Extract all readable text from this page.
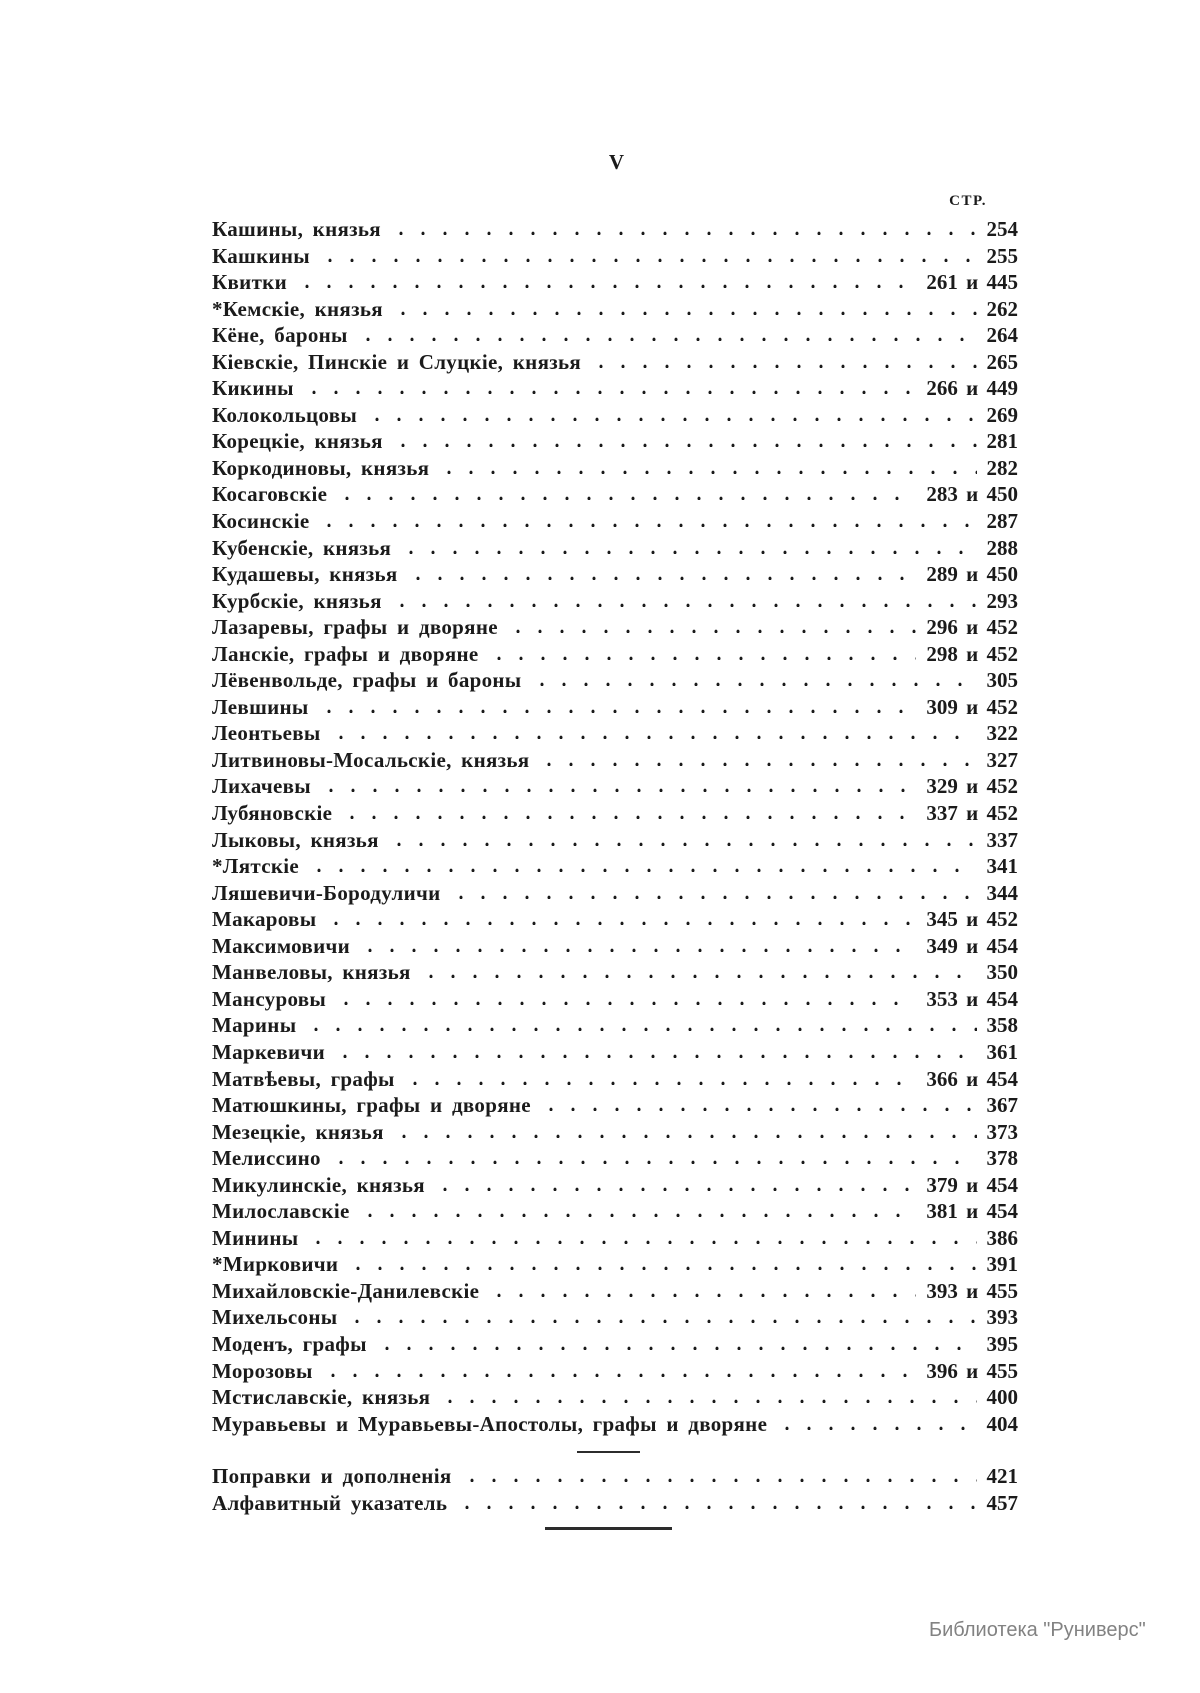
V
СТР.
Кашины, князья	254
Кашкины	255
Квитки	261 и 445
*Кемскіе, князья	262
Кёне, бароны	264
Кіевскіе, Пинскіе и Слуцкіе, князья	265
Кикины	266 и 449
Колокольцовы	269
Корецкіе, князья	281
Коркодиновы, князья	282
Косаговскіе	283 и 450
Косинскіе	287
Кубенскіе, князья	288
Кудашевы, князья	289 и 450
Курбскіе, князья	293
Лазаревы, графы и дворяне	296 и 452
Ланскіе, графы и дворяне	298 и 452
Лёвенвольде, графы и бароны	305
Левшины	309 и 452
Леонтьевы	322
Литвиновы-Мосальскіе, князья	327
Лихачевы	329 и 452
Лубяновскіе	337 и 452
Лыковы, князья	337
*Лятскіе	341
Ляшевичи-Бородуличи	344
Макаровы	345 и 452
Максимовичи	349 и 454
Манвеловы, князья	350
Мансуровы	353 и 454
Марины	358
Маркевичи	361
Матвѣевы, графы	366 и 454
Матюшкины, графы и дворяне	367
Мезецкіе, князья	373
Мелиссино	378
Микулинскіе, князья	379 и 454
Милославскіе	381 и 454
Минины	386
*Мирковичи	391
Михайловскіе-Данилевскіе	393 и 455
Михельсоны	393
Моденъ, графы	395
Морозовы	396 и 455
Мстиславскіе, князья	400
Муравьевы и Муравьевы-Апостолы, графы и дворяне	404
Поправки и дополненія	421
Алфавитный указатель	457
Библиотека "Руниверс"
